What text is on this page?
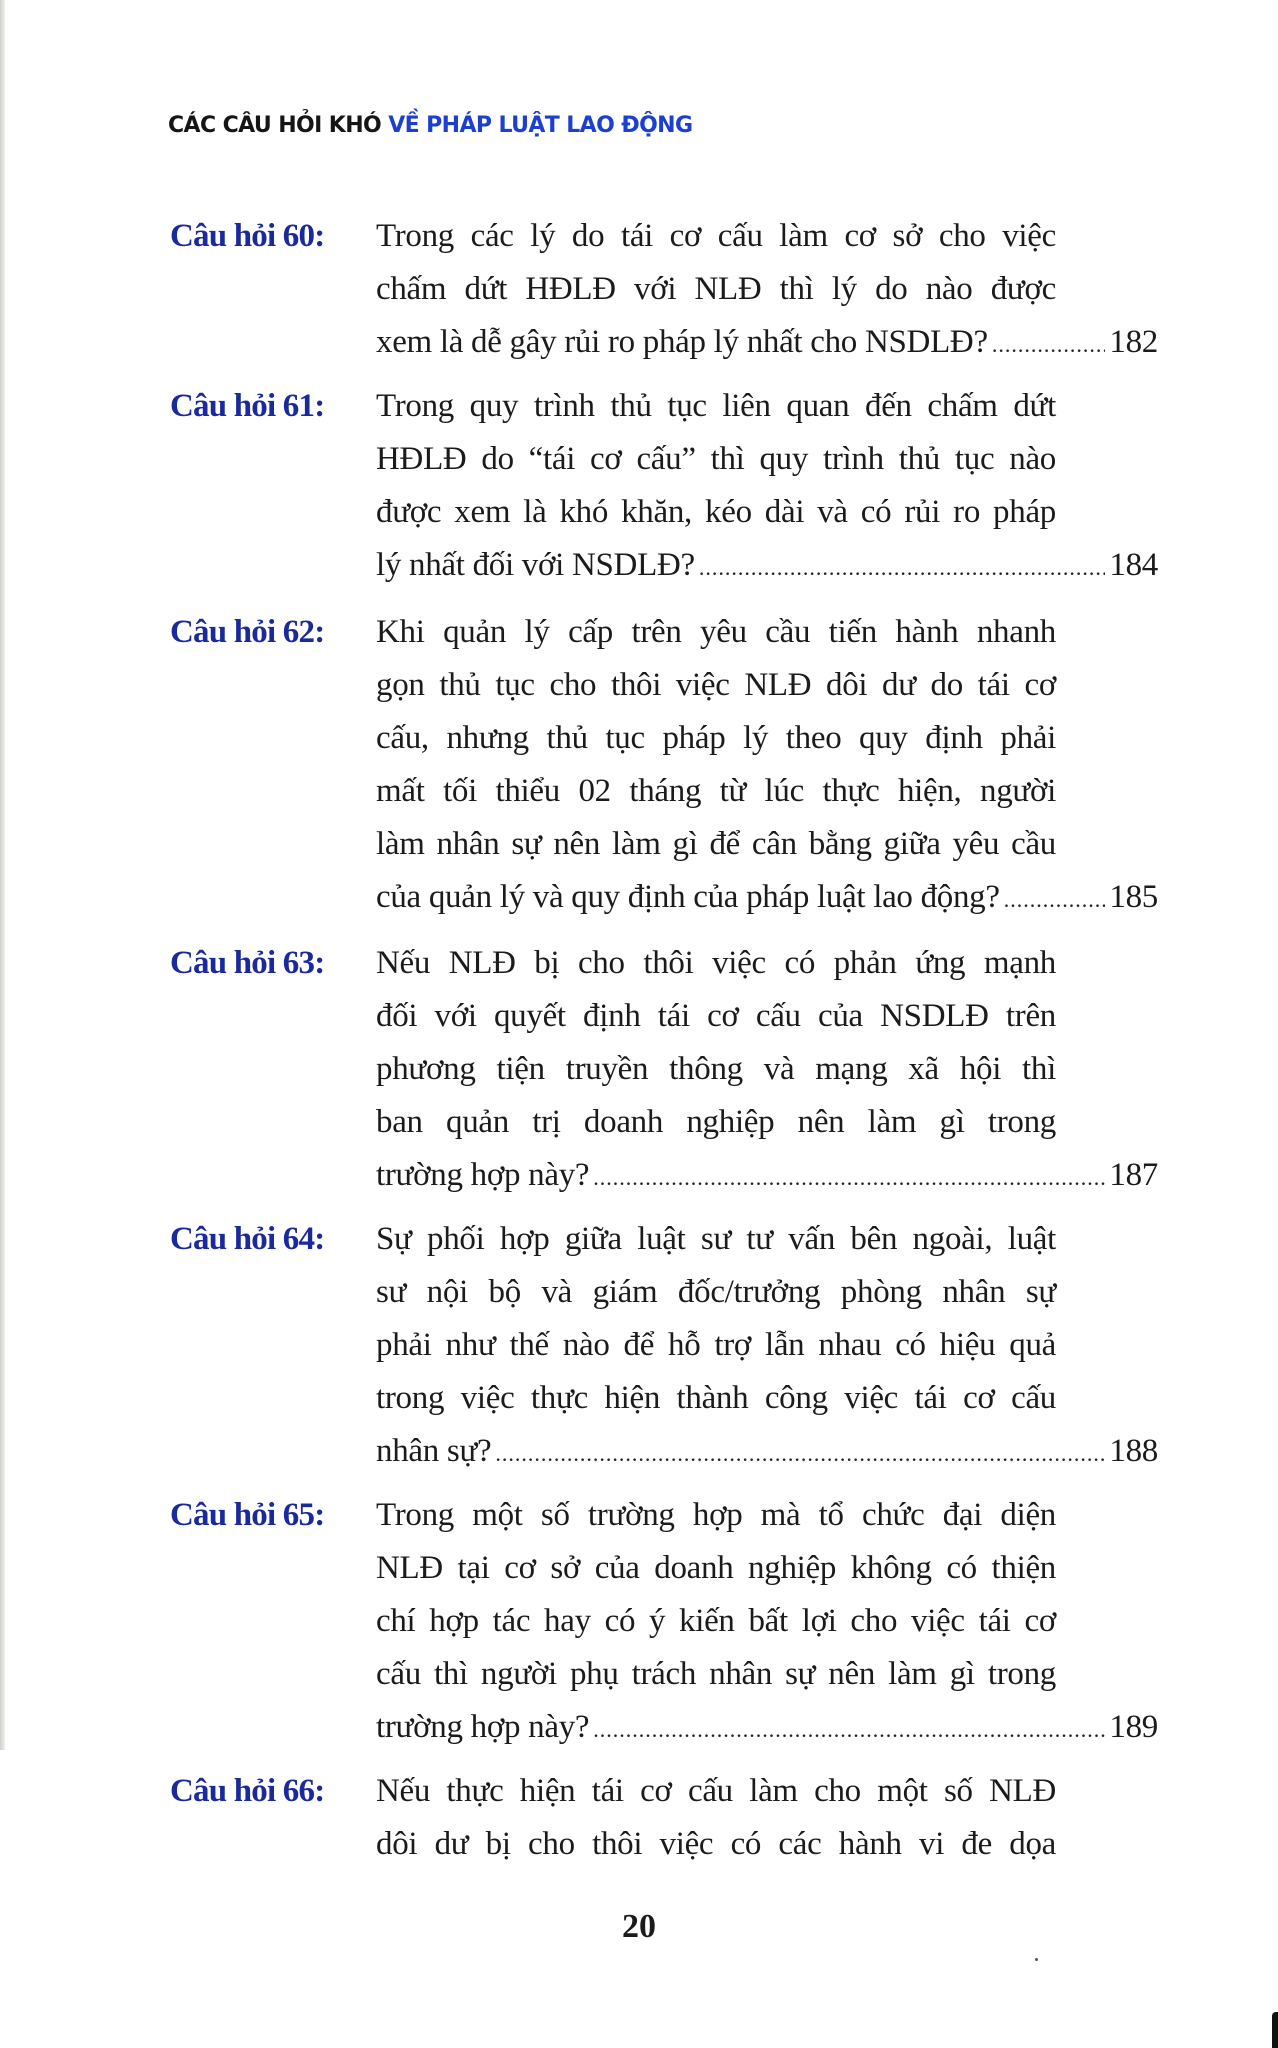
CÁC CÂU HỎI KHÓ VỀ PHÁP LUẬT LAO ĐỘNG
Câu hỏi 60: Trong các lý do tái cơ cấu làm cơ sở cho việc
chấm dứt HĐLĐ với NLĐ thì lý do nào được
xem là dễ gây rủi ro pháp lý nhất cho NSDLĐ? .....	182
Câu hỏi 61: Trong quy trình thủ tục liên quan đến chấm dứt
HĐLĐ do “tái cơ cấu” thì quy trình thủ tục nào
được xem là khó khăn, kéo dài và có rủi ro pháp
lý nhất đối với NSDLĐ? .....	184
Câu hỏi 62: Khi quản lý cấp trên yêu cầu tiến hành nhanh
gọn thủ tục cho thôi việc NLĐ dôi dư do tái cơ
cấu, nhưng thủ tục pháp lý theo quy định phải
mất tối thiểu 02 tháng từ lúc thực hiện, người
làm nhân sự nên làm gì để cân bằng giữa yêu cầu
của quản lý và quy định của pháp luật lao động? .....	185
Câu hỏi 63: Nếu NLĐ bị cho thôi việc có phản ứng mạnh
đối với quyết định tái cơ cấu của NSDLĐ trên
phương tiện truyền thông và mạng xã hội thì
ban quản trị doanh nghiệp nên làm gì trong
trường hợp này? .....	187
Câu hỏi 64: Sự phối hợp giữa luật sư tư vấn bên ngoài, luật
sư nội bộ và giám đốc/trưởng phòng nhân sự
phải như thế nào để hỗ trợ lẫn nhau có hiệu quả
trong việc thực hiện thành công việc tái cơ cấu
nhân sự? .....	188
Câu hỏi 65: Trong một số trường hợp mà tổ chức đại diện
NLĐ tại cơ sở của doanh nghiệp không có thiện
chí hợp tác hay có ý kiến bất lợi cho việc tái cơ
cấu thì người phụ trách nhân sự nên làm gì trong
trường hợp này? .....	189
Câu hỏi 66: Nếu thực hiện tái cơ cấu làm cho một số NLĐ
dôi dư bị cho thôi việc có các hành vi đe dọa
20
